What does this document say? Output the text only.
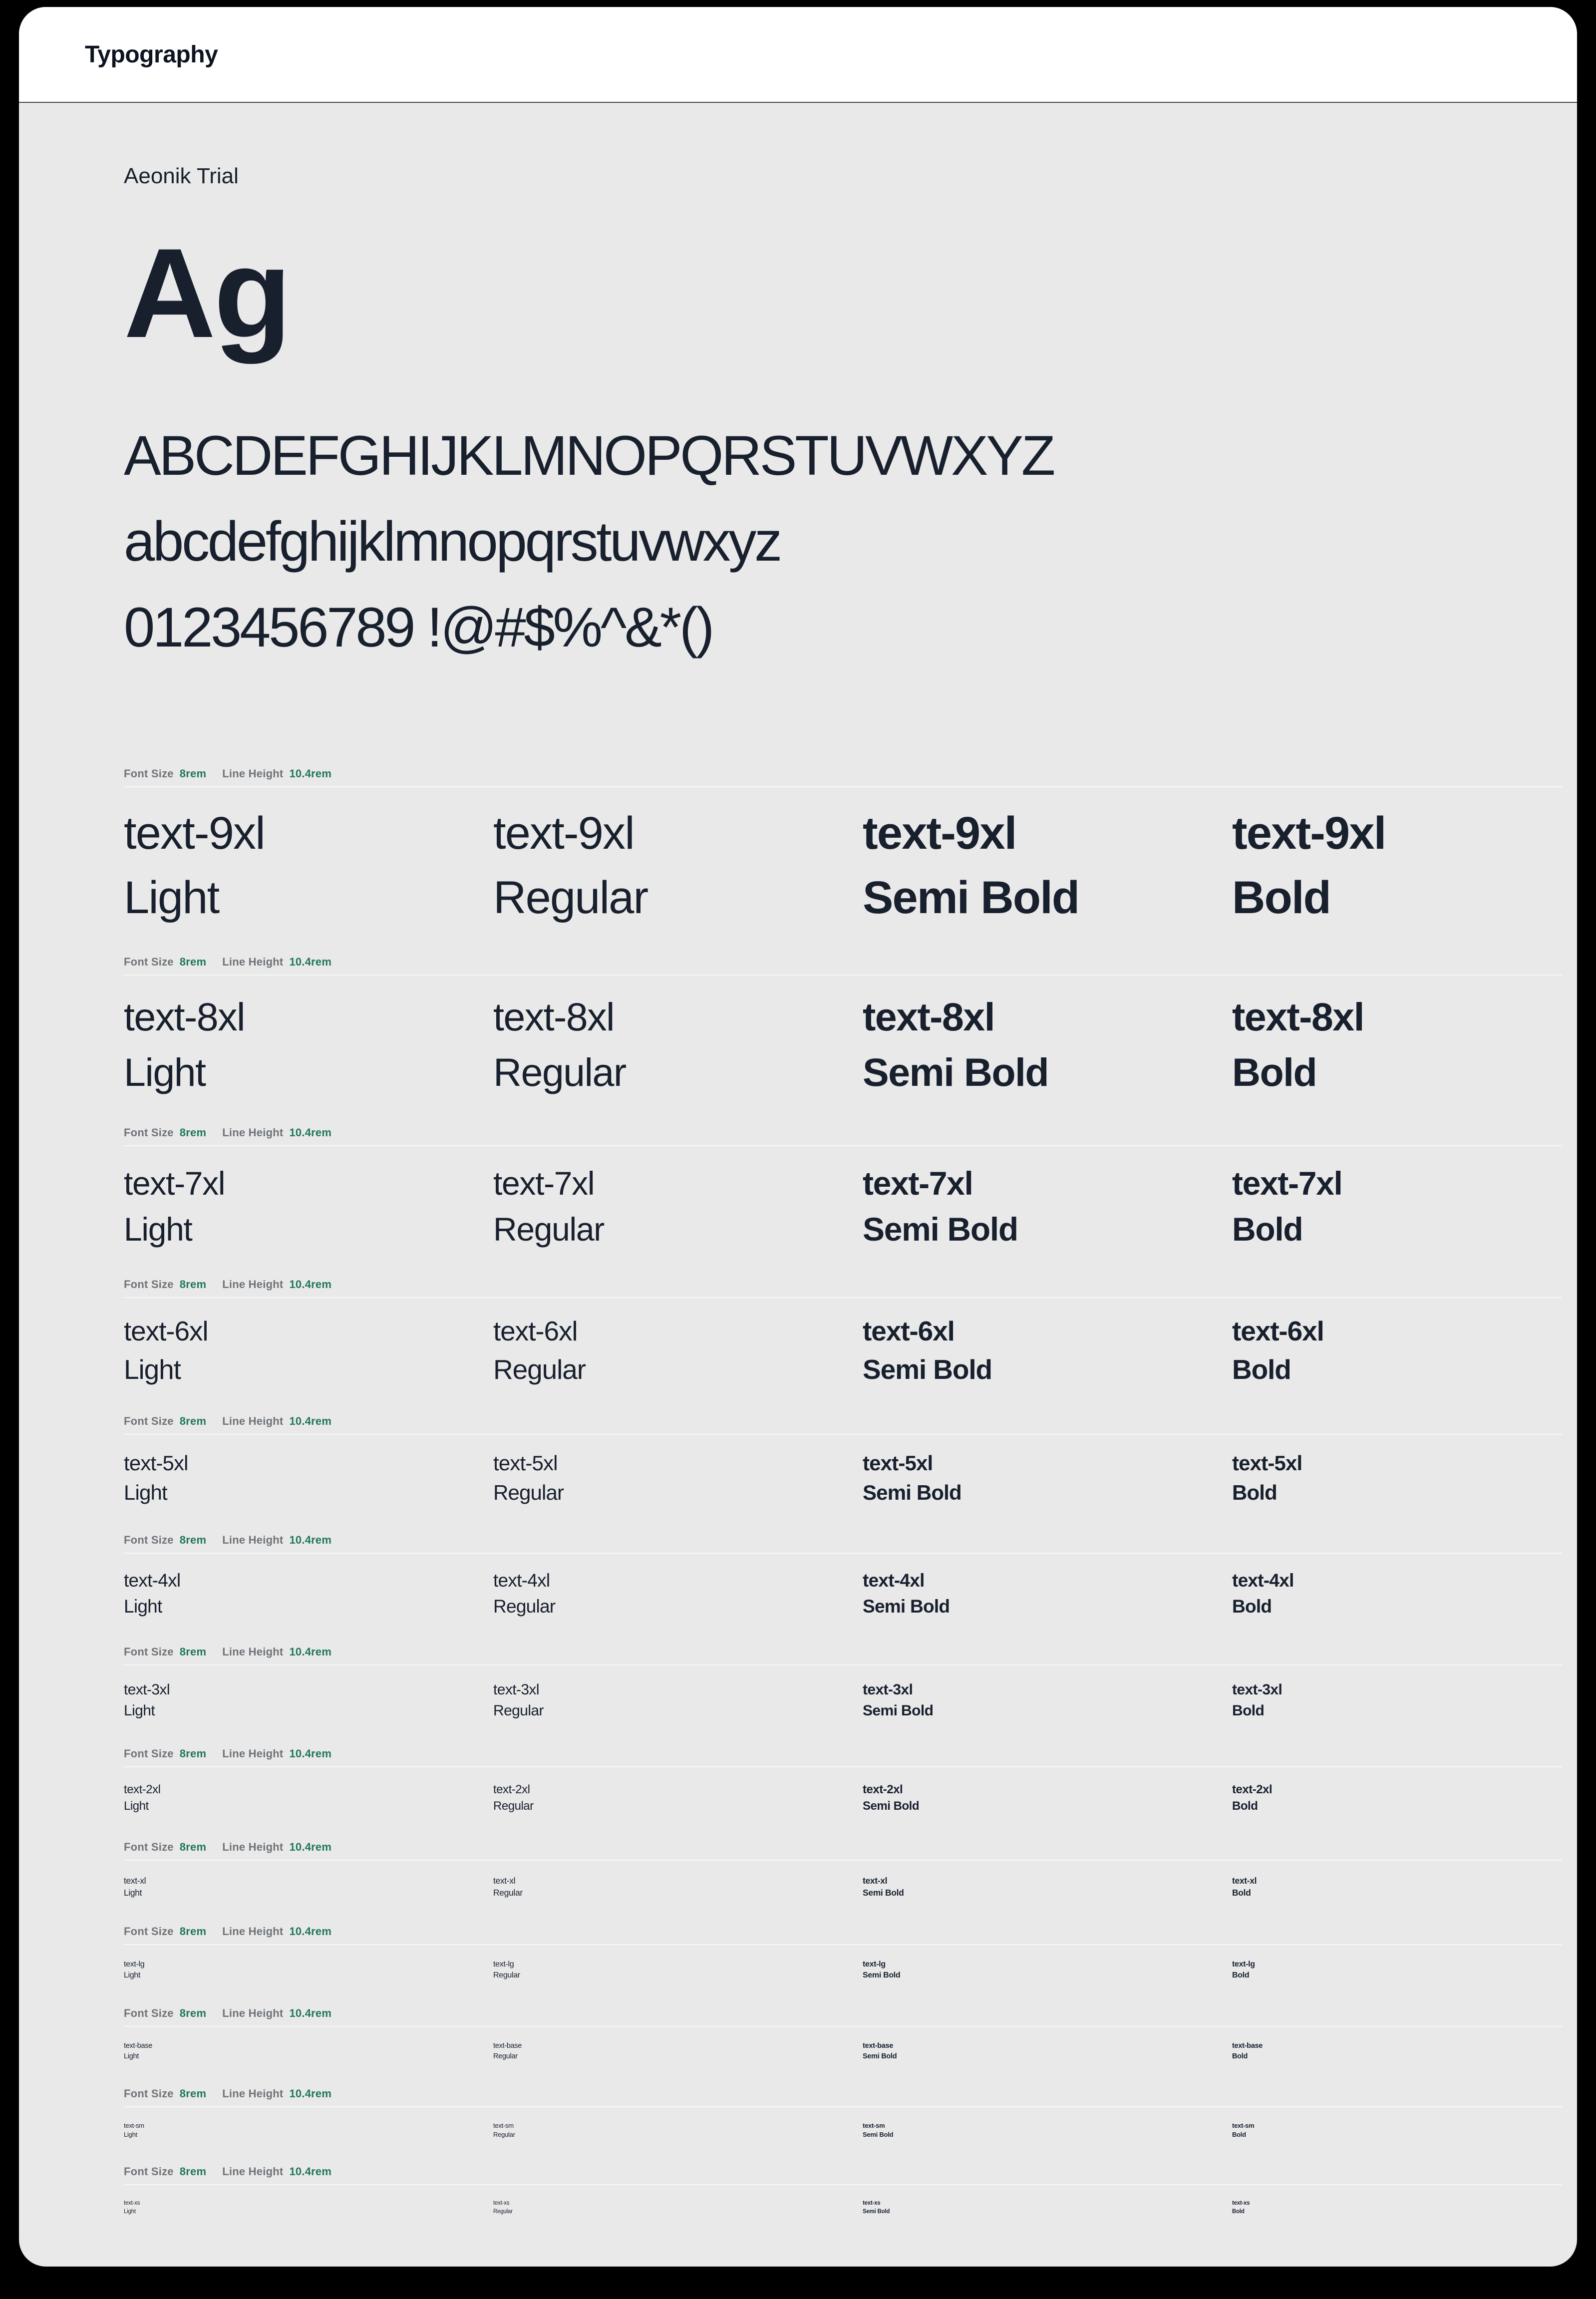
Typography
Aeonik Trial
Ag
ABCDEFGHIJKLMNOPQRSTUVWXYZ
abcdefghijklmnopqrstuvwxyz
0123456789 !@#$%^&*()
Font Size 8rem Line Height 10.4rem
text-9xl
Light
text-9xl
Regular
text-9xl
Semi Bold
text-9xl
Bold
Font Size 8rem Line Height 10.4rem
text-8xl
Light
text-8xl
Regular
text-8xl
Semi Bold
text-8xl
Bold
Font Size 8rem Line Height 10.4rem
text-7xl
Light
text-7xl
Regular
text-7xl
Semi Bold
text-7xl
Bold
Font Size 8rem Line Height 10.4rem
text-6xl
Light
text-6xl
Regular
text-6xl
Semi Bold
text-6xl
Bold
Font Size 8rem Line Height 10.4rem
text-5xl
Light
text-5xl
Regular
text-5xl
Semi Bold
text-5xl
Bold
Font Size 8rem Line Height 10.4rem
text-4xl
Light
text-4xl
Regular
text-4xl
Semi Bold
text-4xl
Bold
Font Size 8rem Line Height 10.4rem
text-3xl
Light
text-3xl
Regular
text-3xl
Semi Bold
text-3xl
Bold
Font Size 8rem Line Height 10.4rem
text-2xl
Light
text-2xl
Regular
text-2xl
Semi Bold
text-2xl
Bold
Font Size 8rem Line Height 10.4rem
text-xl
Light
text-xl
Regular
text-xl
Semi Bold
text-xl
Bold
Font Size 8rem Line Height 10.4rem
text-lg
Light
text-lg
Regular
text-lg
Semi Bold
text-lg
Bold
Font Size 8rem Line Height 10.4rem
text-base
Light
text-base
Regular
text-base
Semi Bold
text-base
Bold
Font Size 8rem Line Height 10.4rem
text-sm
Light
text-sm
Regular
text-sm
Semi Bold
text-sm
Bold
Font Size 8rem Line Height 10.4rem
text-xs
Light
text-xs
Regular
text-xs
Semi Bold
text-xs
Bold
